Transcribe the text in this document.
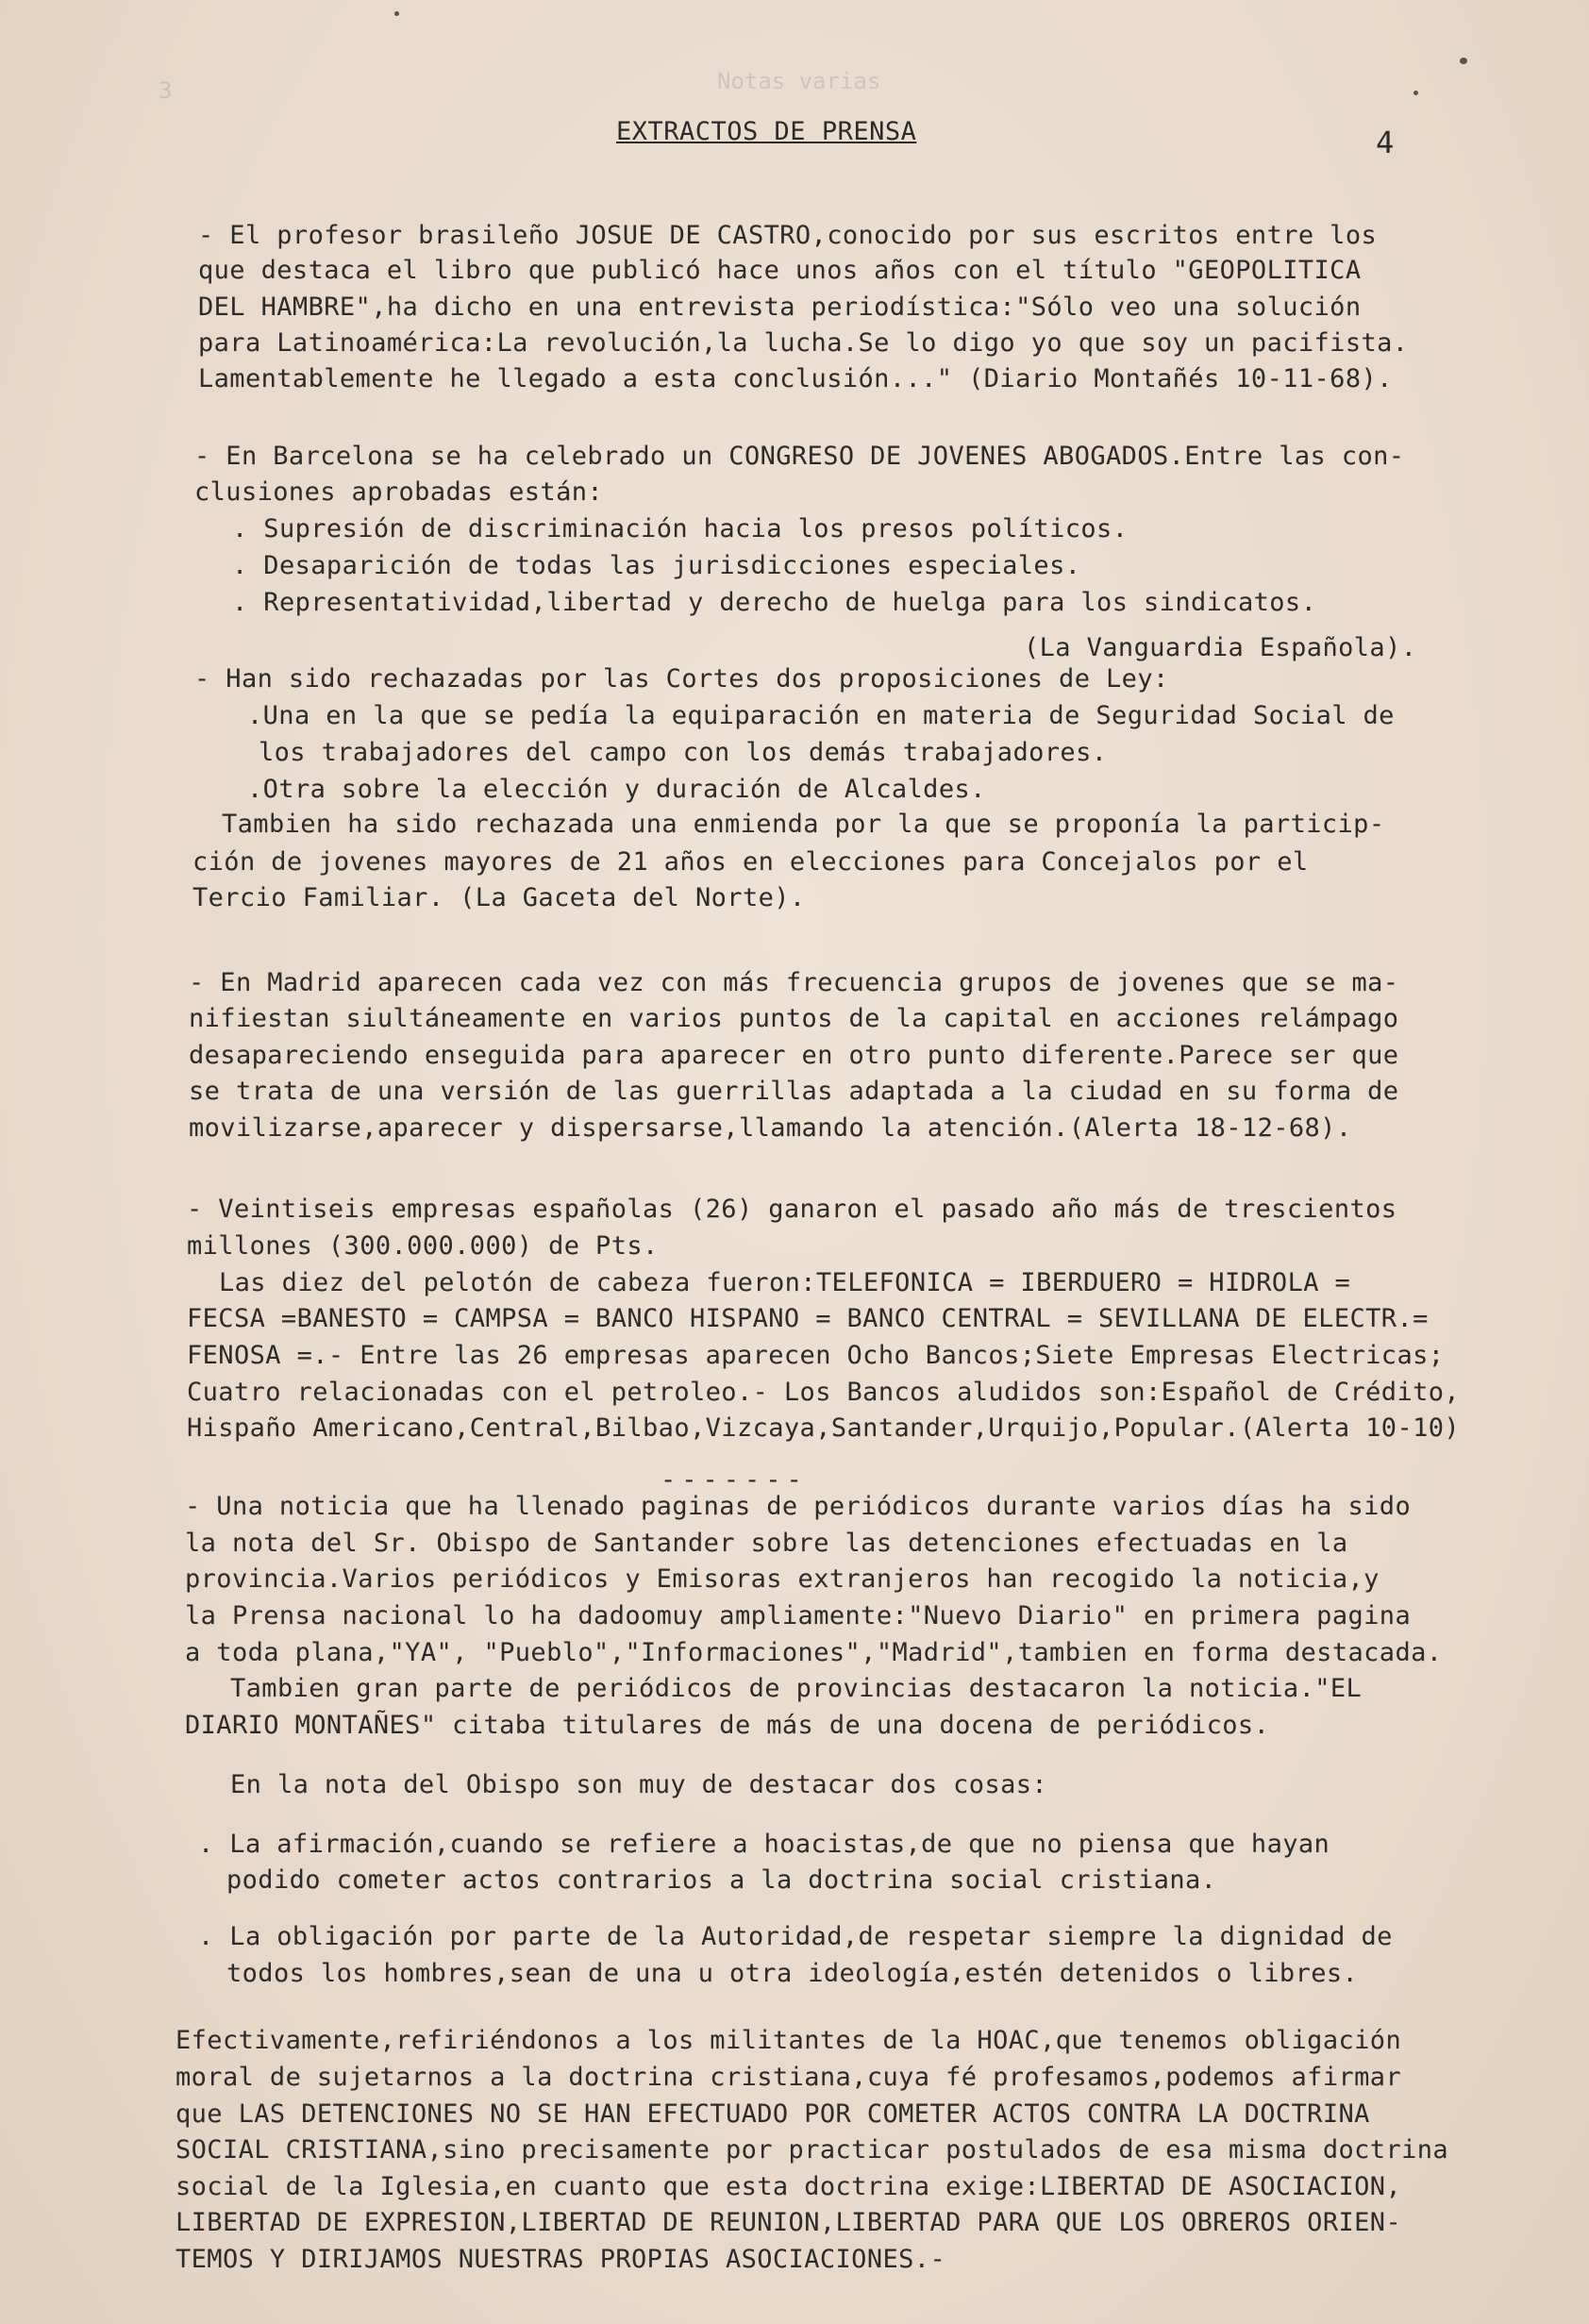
Notas varias
3
EXTRACTOS DE PRENSA	4
- El profesor brasileño JOSUE DE CASTRO,conocido por sus escritos entre los
que destaca el libro que publicó hace unos años con el título "GEOPOLITICA
DEL HAMBRE",ha dicho en una entrevista periodística:"Sólo veo una solución
para Latinoamérica:La revolución,la lucha.Se lo digo yo que soy un pacifista.
Lamentablemente he llegado a esta conclusión..." (Diario Montañés 10-11-68).
- En Barcelona se ha celebrado un CONGRESO DE JOVENES ABOGADOS.Entre las con-
clusiones aprobadas están:
. Supresión de discriminación hacia los presos políticos.
. Desaparición de todas las jurisdicciones especiales.
. Representatividad,libertad y derecho de huelga para los sindicatos.
(La Vanguardia Española).
- Han sido rechazadas por las Cortes dos proposiciones de Ley:
.Una en la que se pedía la equiparación en materia de Seguridad Social de
los trabajadores del campo con los demás trabajadores.
.Otra sobre la elección y duración de Alcaldes.
Tambien ha sido rechazada una enmienda por la que se proponía la particip-
ción de jovenes mayores de 21 años en elecciones para Concejalos por el
Tercio Familiar. (La Gaceta del Norte).
- En Madrid aparecen cada vez con más frecuencia grupos de jovenes que se ma-
nifiestan siultáneamente en varios puntos de la capital en acciones relámpago
desapareciendo enseguida para aparecer en otro punto diferente.Parece ser que
se trata de una versión de las guerrillas adaptada a la ciudad en su forma de
movilizarse,aparecer y dispersarse,llamando la atención.(Alerta 18-12-68).
- Veintiseis empresas españolas (26) ganaron el pasado año más de trescientos
millones (300.000.000) de Pts.
Las diez del pelotón de cabeza fueron:TELEFONICA = IBERDUERO = HIDROLA =
FECSA =BANESTO = CAMPSA = BANCO HISPANO = BANCO CENTRAL = SEVILLANA DE ELECTR.=
FENOSA =.- Entre las 26 empresas aparecen Ocho Bancos;Siete Empresas Electricas;
Cuatro relacionadas con el petroleo.- Los Bancos aludidos son:Español de Crédito,
Hispaño Americano,Central,Bilbao,Vizcaya,Santander,Urquijo,Popular.(Alerta 10-10)
-------
- Una noticia que ha llenado paginas de periódicos durante varios días ha sido
la nota del Sr. Obispo de Santander sobre las detenciones efectuadas en la
provincia.Varios periódicos y Emisoras extranjeros han recogido la noticia,y
la Prensa nacional lo ha dadoomuy ampliamente:"Nuevo Diario" en primera pagina
a toda plana,"YA", "Pueblo","Informaciones","Madrid",tambien en forma destacada.
Tambien gran parte de periódicos de provincias destacaron la noticia."EL
DIARIO MONTAÑES" citaba titulares de más de una docena de periódicos.
En la nota del Obispo son muy de destacar dos cosas:
. La afirmación,cuando se refiere a hoacistas,de que no piensa que hayan
podido cometer actos contrarios a la doctrina social cristiana.
. La obligación por parte de la Autoridad,de respetar siempre la dignidad de
todos los hombres,sean de una u otra ideología,estén detenidos o libres.
Efectivamente,refiriéndonos a los militantes de la HOAC,que tenemos obligación
moral de sujetarnos a la doctrina cristiana,cuya fé profesamos,podemos afirmar
que LAS DETENCIONES NO SE HAN EFECTUADO POR COMETER ACTOS CONTRA LA DOCTRINA
SOCIAL CRISTIANA,sino precisamente por practicar postulados de esa misma doctrina
social de la Iglesia,en cuanto que esta doctrina exige:LIBERTAD DE ASOCIACION,
LIBERTAD DE EXPRESION,LIBERTAD DE REUNION,LIBERTAD PARA QUE LOS OBREROS ORIEN-
TEMOS Y DIRIJAMOS NUESTRAS PROPIAS ASOCIACIONES.-
